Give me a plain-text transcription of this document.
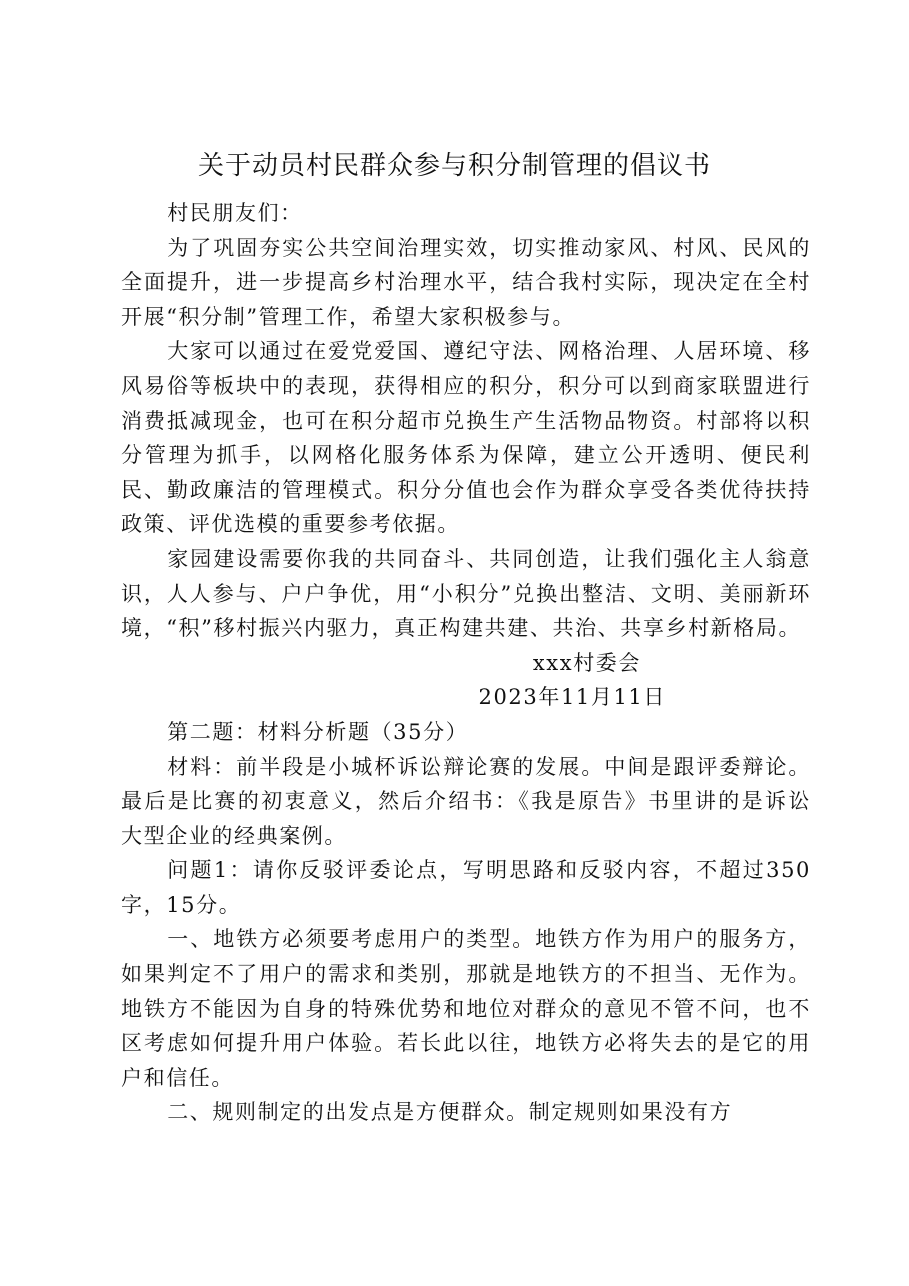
关于动员村民群众参与积分制管理的倡议书

村民朋友们：

为了巩固夯实公共空间治理实效，切实推动家风、村风、民风的全面提升，进一步提高乡村治理水平，结合我村实际，现决定在全村开展“积分制”管理工作，希望大家积极参与。

大家可以通过在爱党爱国、遵纪守法、网格治理、人居环境、移风易俗等板块中的表现，获得相应的积分，积分可以到商家联盟进行消费抵减现金，也可在积分超市兑换生产生活物品物资。村部将以积分管理为抓手，以网格化服务体系为保障，建立公开透明、便民利民、勤政廉洁的管理模式。积分分值也会作为群众享受各类优待扶持政策、评优选模的重要参考依据。

家园建设需要你我的共同奋斗、共同创造，让我们强化主人翁意识，人人参与、户户争优，用“小积分”兑换出整洁、文明、美丽新环境，“积”移村振兴内驱力，真正构建共建、共治、共享乡村新格局。

xxx村委会

2023年11月11日

第二题：材料分析题（35分）

材料：前半段是小城杯诉讼辩论赛的发展。中间是跟评委辩论。最后是比赛的初衷意义，然后介绍书：《我是原告》书里讲的是诉讼大型企业的经典案例。

问题1：请你反驳评委论点，写明思路和反驳内容，不超过350字，15分。

一、地铁方必须要考虑用户的类型。地铁方作为用户的服务方，如果判定不了用户的需求和类别，那就是地铁方的不担当、无作为。地铁方不能因为自身的特殊优势和地位对群众的意见不管不问，也不区考虑如何提升用户体验。若长此以往，地铁方必将失去的是它的用户和信任。

二、规则制定的出发点是方便群众。制定规则如果没有方
